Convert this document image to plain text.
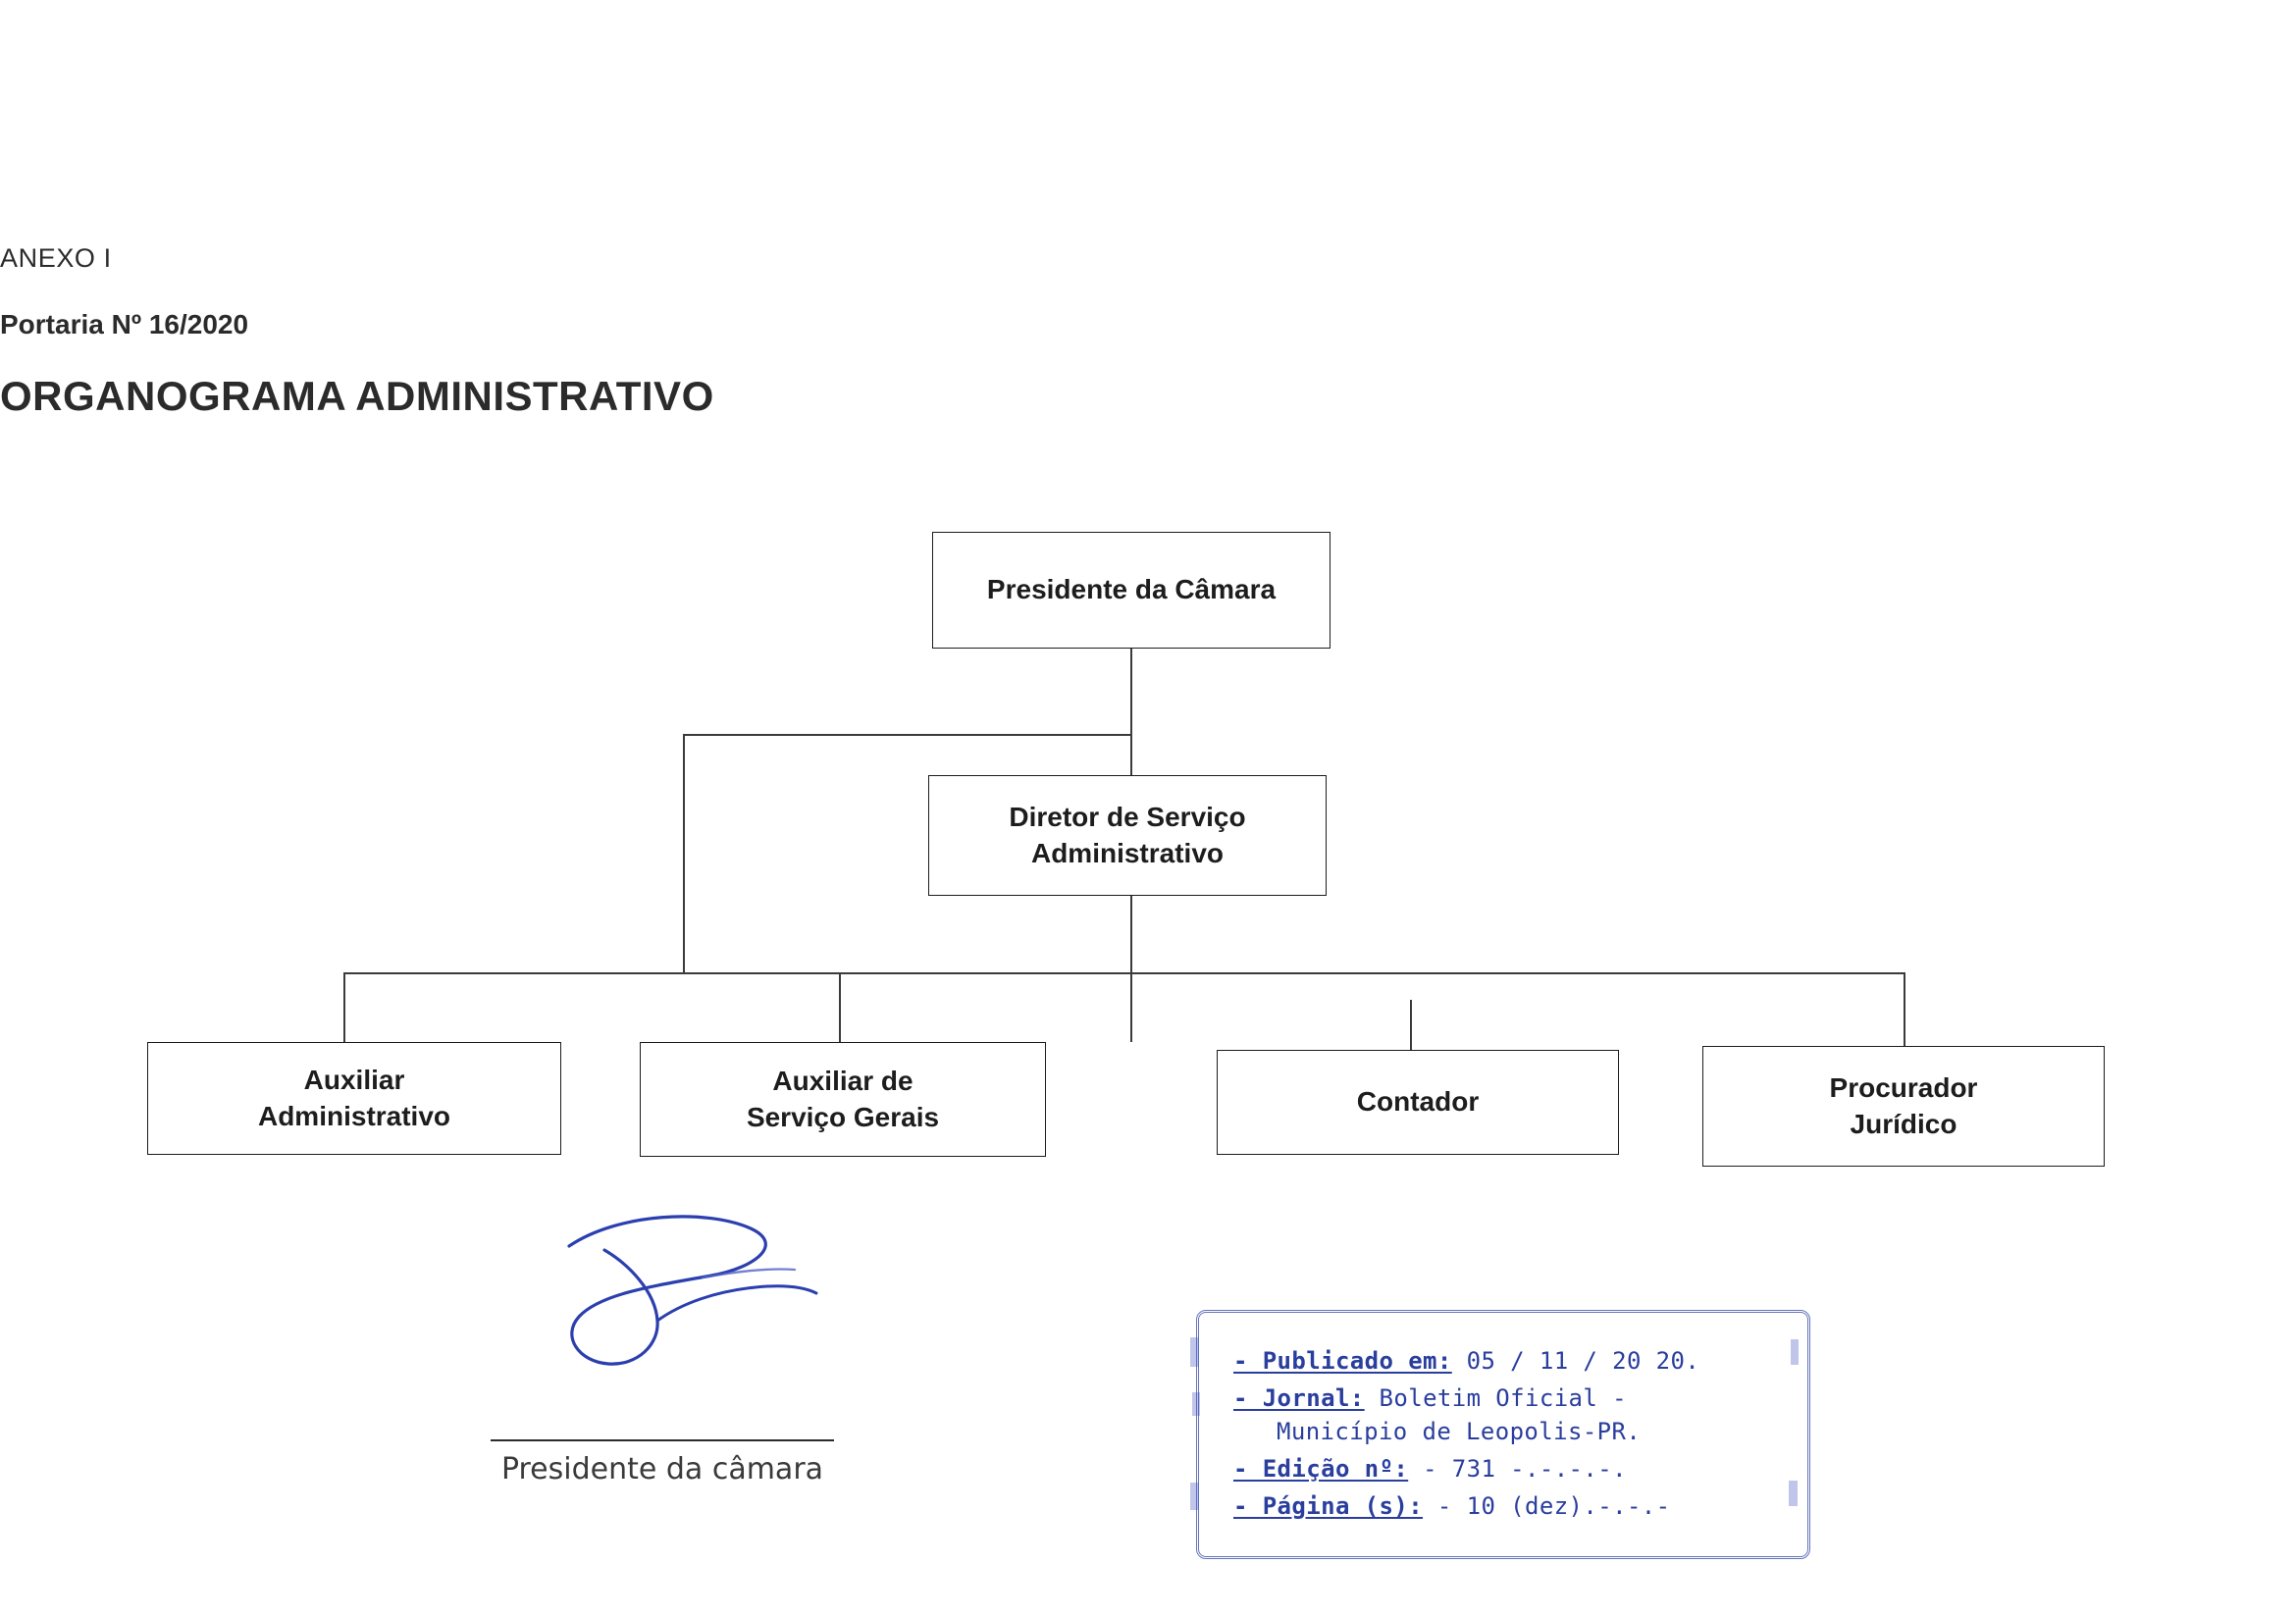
ANEXO I
Portaria Nº 16/2020
ORGANOGRAMA ADMINISTRATIVO
Presidente da Câmara
Diretor de Serviço
Administrativo
Auxiliar
Administrativo
Auxiliar de
Serviço Gerais	Contador	Procurador
Jurídico
Presidente da câmara
- Publicado em: 05 / 11 / 20 20.
- Jornal: Boletim Oficial -
Município de Leopolis-PR.
- Edição nº: - 731 -.-.-.-.
- Página (s): - 10 (dez).-.-.-
